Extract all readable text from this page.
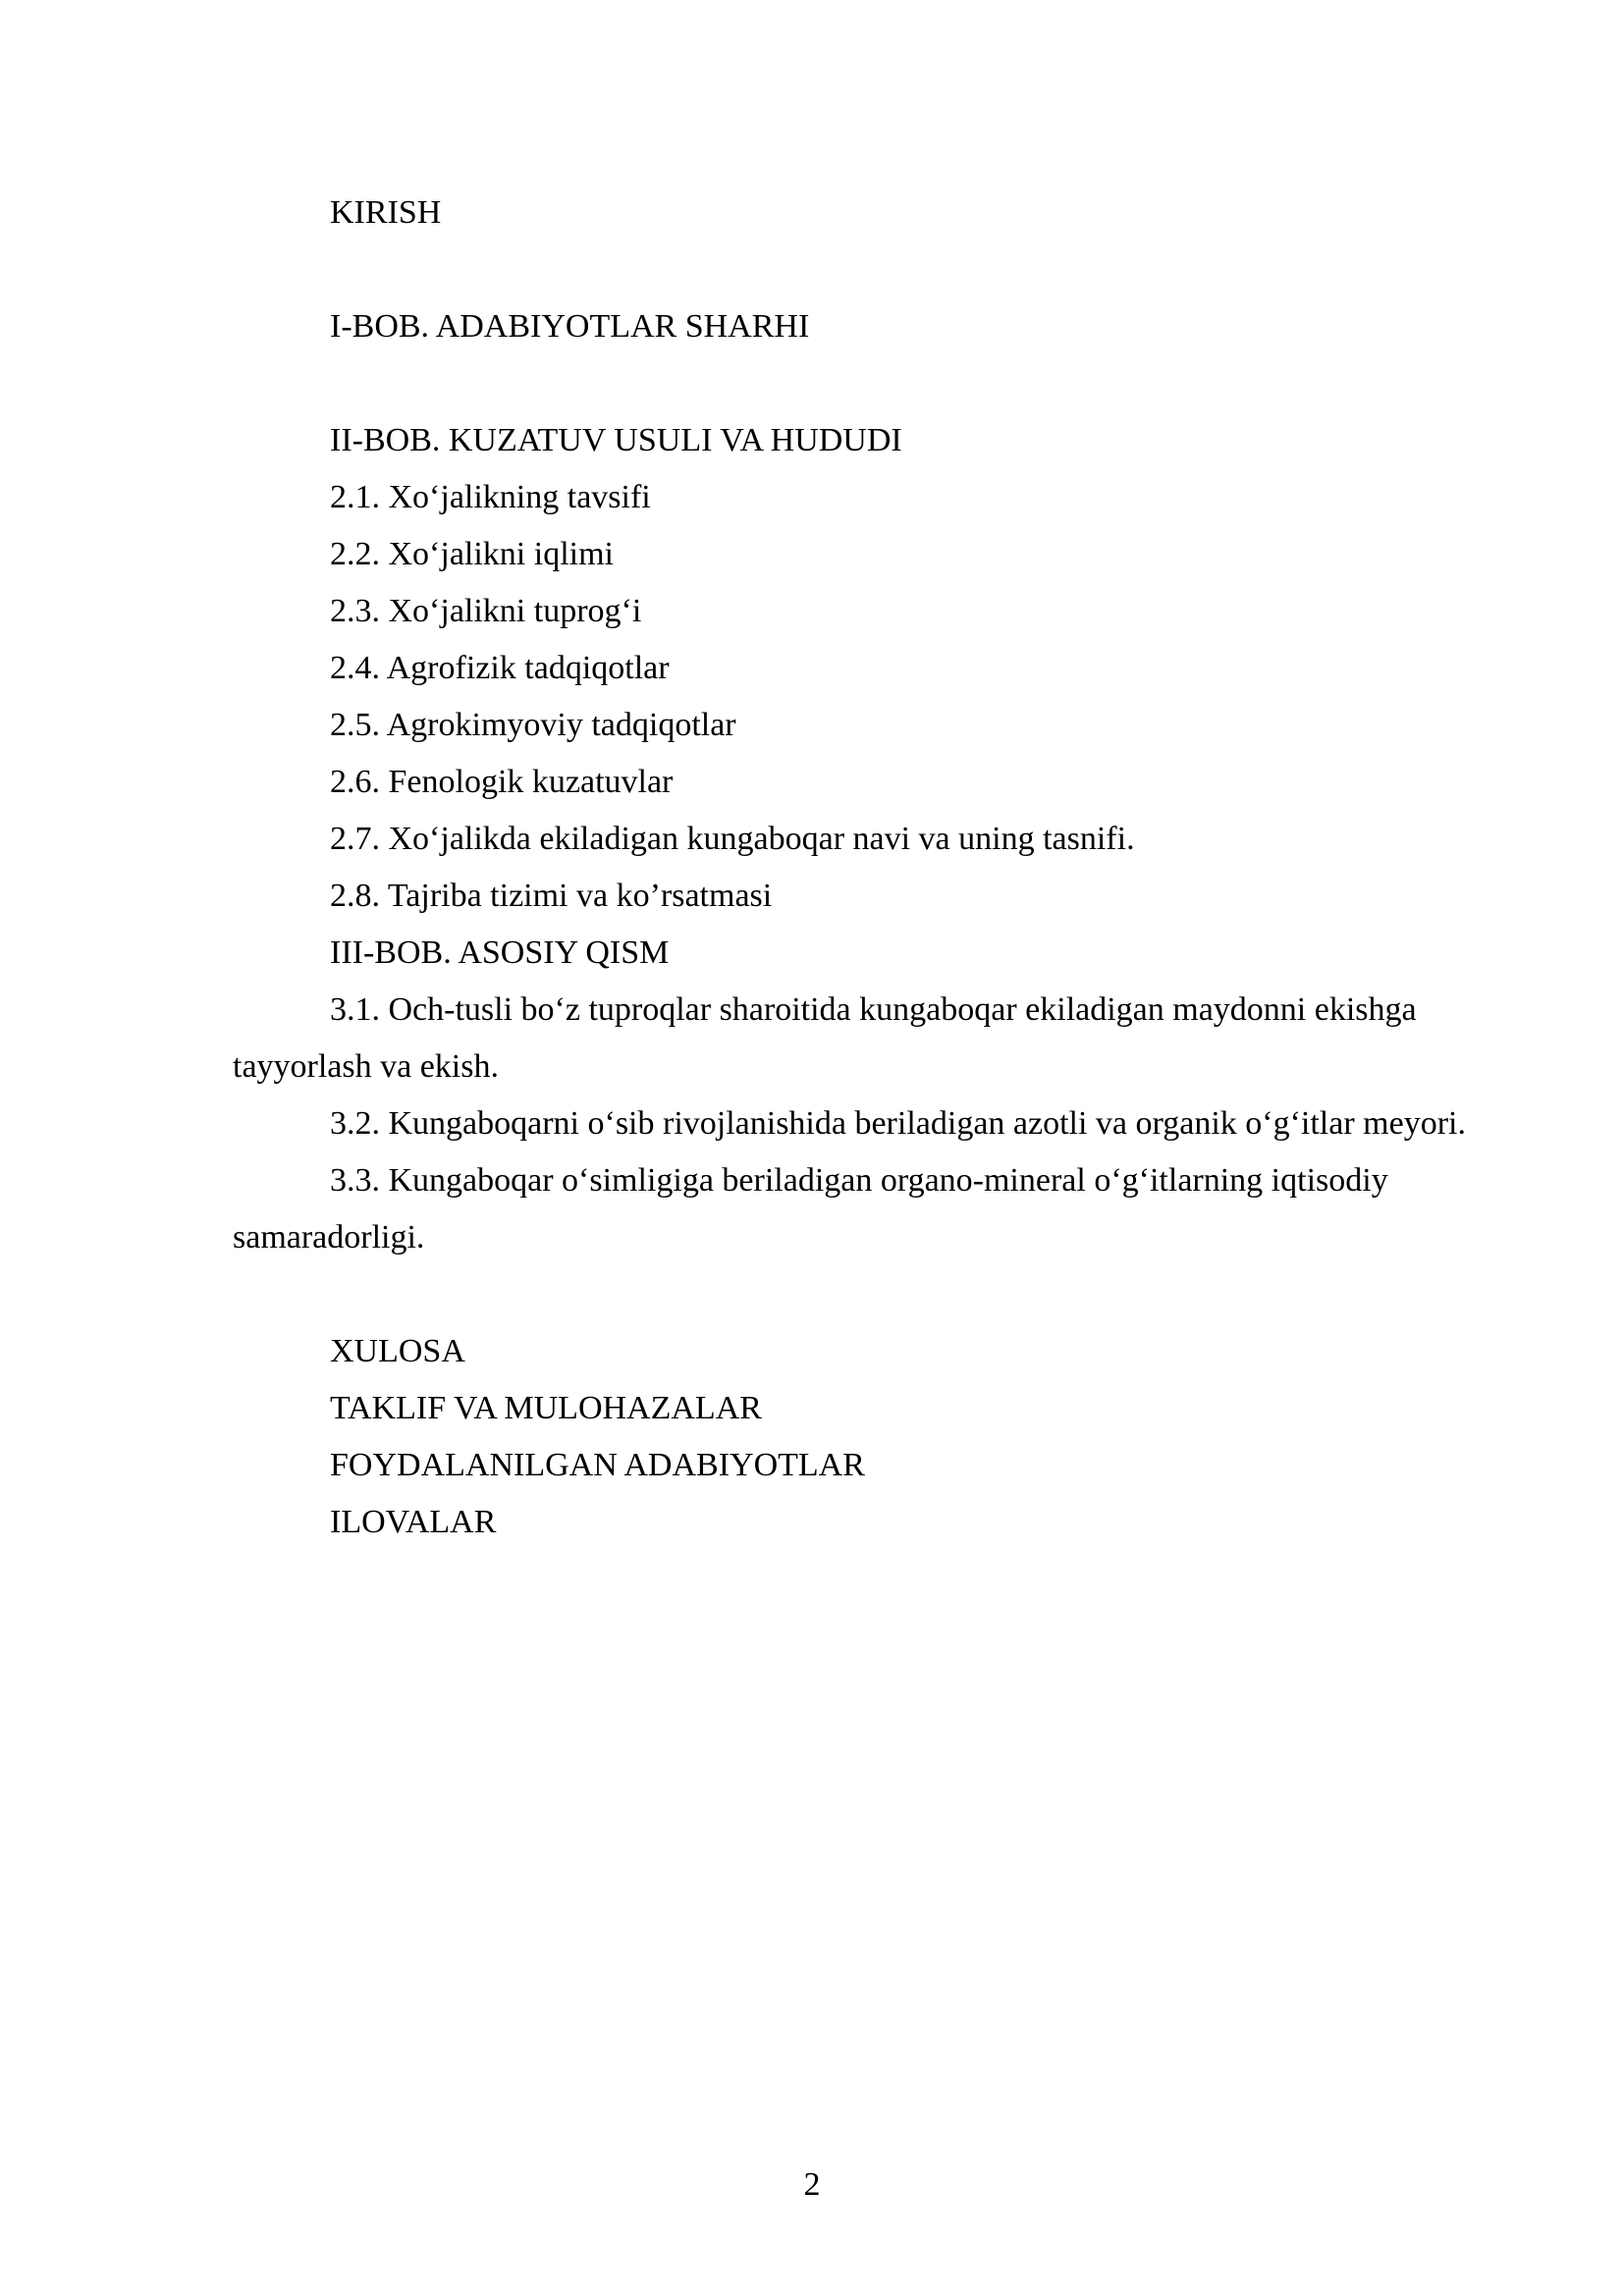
KIRISH
I-BOB. ADABIYOTLAR SHARHI
II-BOB. KUZATUV USULI VA HUDUDI
2.1. Xo‘jalikning tavsifi
2.2. Xo‘jalikni iqlimi
2.3. Xo‘jalikni tuprog‘i
2.4. Agrofizik tadqiqotlar
2.5. Agrokimyoviy tadqiqotlar
2.6. Fenologik kuzatuvlar
2.7. Xo‘jalikda ekiladigan kungaboqar navi va uning tasnifi.
2.8. Tajriba tizimi va ko’rsatmasi
III-BOB. ASOSIY QISM
3.1. Och-tusli bo‘z tuproqlar sharoitida kungaboqar ekiladigan maydonni ekishga
tayyorlash va ekish.
3.2. Kungaboqarni o‘sib rivojlanishida beriladigan azotli va organik o‘g‘itlar meyori.
3.3. Kungaboqar o‘simligiga beriladigan organo-mineral o‘g‘itlarning iqtisodiy
samaradorligi.
XULOSA
TAKLIF VA MULOHAZALAR
FOYDALANILGAN ADABIYOTLAR
ILOVALAR
2
